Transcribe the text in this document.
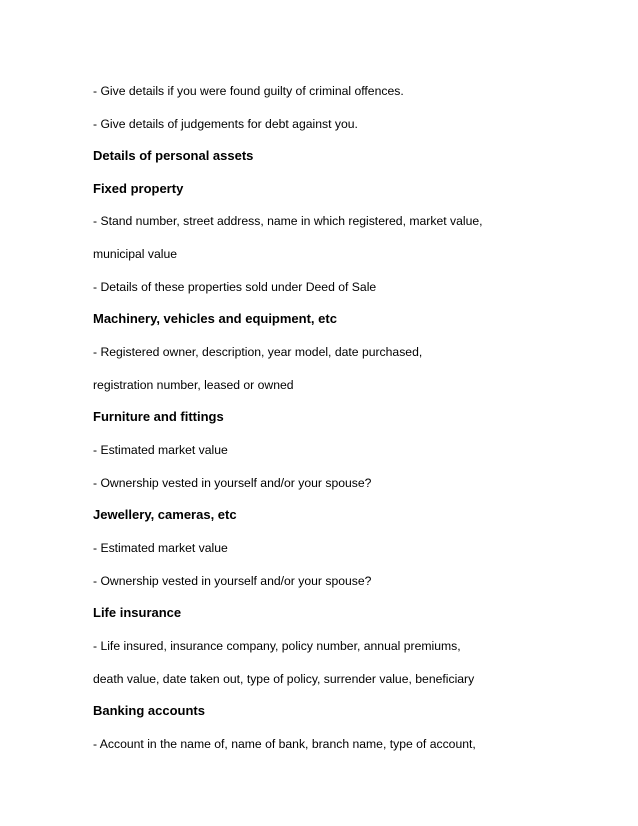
- Give details if you were found guilty of criminal offences.
- Give details of judgements for debt against you.
Details of personal assets
Fixed property
- Stand number, street address, name in which registered, market value,
municipal value
- Details of these properties sold under Deed of Sale
Machinery, vehicles and equipment, etc
- Registered owner, description, year model, date purchased,
registration number, leased or owned
Furniture and fittings
- Estimated market value
- Ownership vested in yourself and/or your spouse?
Jewellery, cameras, etc
- Estimated market value
- Ownership vested in yourself and/or your spouse?
Life insurance
- Life insured, insurance company, policy number, annual premiums,
death value, date taken out, type of policy, surrender value, beneficiary
Banking accounts
- Account in the name of, name of bank, branch name, type of account,
